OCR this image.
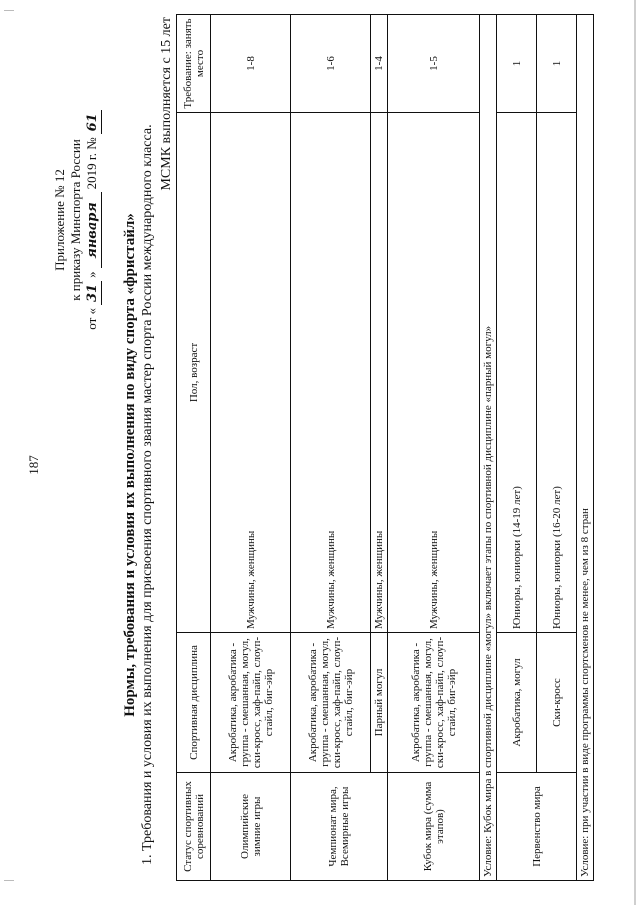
187
Приложение № 12 к приказу Минспорта России
от «
31
»
января
2019 г. №
61
Нормы, требования и условия их выполнения по виду спорта «фристайл» 1. Требования и условия их выполнения для присвоения спортивного звания мастер спорта России международного класса.
МСМК выполняется с 15 лет
Статус спортивных соревнований	Спортивная дисциплина	Пол, возраст	Требование: занять место
Олимпийские зимние игры	Акробатика, акробатика - группа - смешанная, могул, ски-кросс, хаф-пайп, слоуп-стайл, биг-эйр	Мужчины, женщины	1-8
Чемпионат мира, Всемирные игры	Акробатика, акробатика - группа - смешанная, могул, ски-кросс, хаф-пайп, слоуп-стайл, биг-эйр	Мужчины, женщины	1-6
	Парный могул	Мужчины, женщины	1-4
Кубок мира (сумма этапов)	Акробатика, акробатика - группа - смешанная, могул, ски-кросс, хаф-пайп, слоуп-стайл, биг-эйр	Мужчины, женщины	1-5
Условие: Кубок мира в спортивной дисциплине «могул» включает этапы по спортивной дисциплине «парный могул»			
Первенство мира	Акробатика, могул	Юниоры, юниорки (14-19 лет)	1
	Ски-кросс	Юниоры, юниорки (16-20 лет)	1
Условие: при участии в виде программы спортсменов не менее, чем из 8 стран			
